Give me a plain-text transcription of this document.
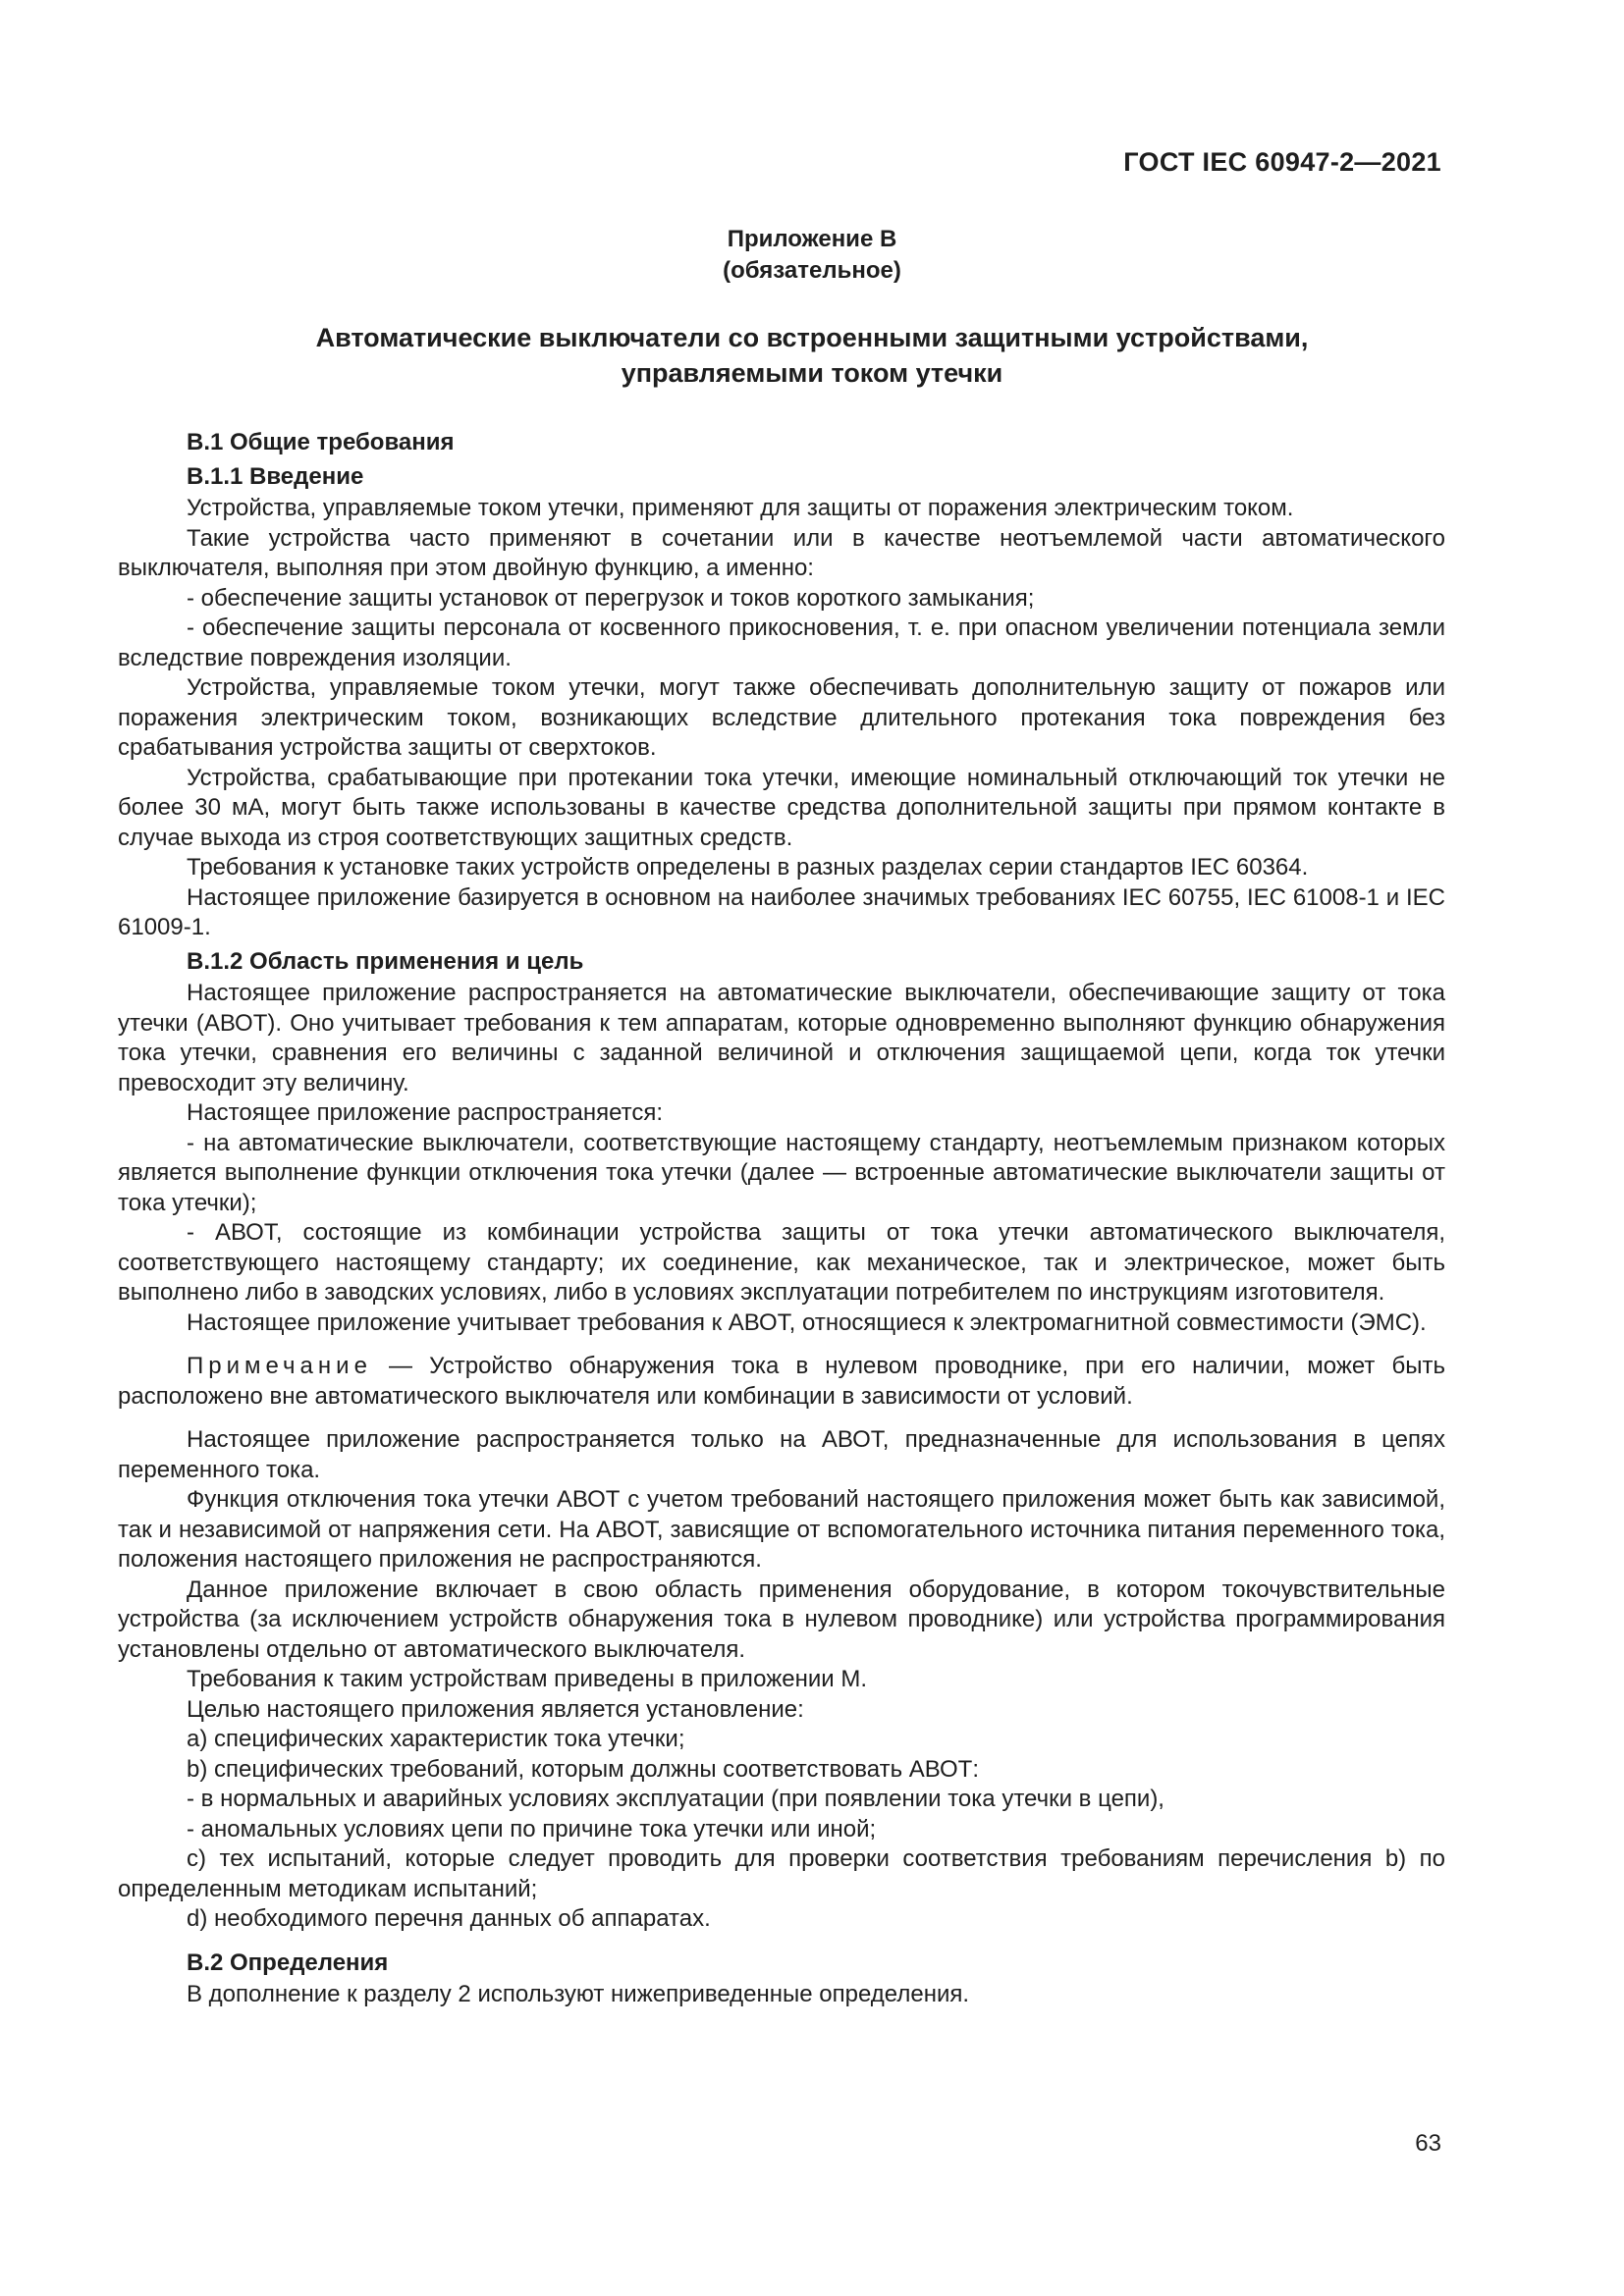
ГОСТ IEC 60947-2—2021
Приложение B
(обязательное)
Автоматические выключатели со встроенными защитными устройствами,
управляемыми током утечки
B.1 Общие требования
B.1.1 Введение

Устройства, управляемые током утечки, применяют для защиты от поражения электрическим током.

Такие устройства часто применяют в сочетании или в качестве неотъемлемой части автоматического выключателя, выполняя при этом двойную функцию, а именно:

- обеспечение защиты установок от перегрузок и токов короткого замыкания;

- обеспечение защиты персонала от косвенного прикосновения, т. е. при опасном увеличении потенциала земли вследствие повреждения изоляции.

Устройства, управляемые током утечки, могут также обеспечивать дополнительную защиту от пожаров или поражения электрическим током, возникающих вследствие длительного протекания тока повреждения без срабатывания устройства защиты от сверхтоков.

Устройства, срабатывающие при протекании тока утечки, имеющие номинальный отключающий ток утечки не более 30 мА, могут быть также использованы в качестве средства дополнительной защиты при прямом контакте в случае выхода из строя соответствующих защитных средств.

Требования к установке таких устройств определены в разных разделах серии стандартов IEC 60364.

Настоящее приложение базируется в основном на наиболее значимых требованиях IEC 60755, IEC 61008-1 и IEC 61009-1.

B.1.2 Область применения и цель

Настоящее приложение распространяется на автоматические выключатели, обеспечивающие защиту от тока утечки (АВОТ). Оно учитывает требования к тем аппаратам, которые одновременно выполняют функцию обнаружения тока утечки, сравнения его величины с заданной величиной и отключения защищаемой цепи, когда ток утечки превосходит эту величину.

Настоящее приложение распространяется:

- на автоматические выключатели, соответствующие настоящему стандарту, неотъемлемым признаком которых является выполнение функции отключения тока утечки (далее — встроенные автоматические выключатели защиты от тока утечки);

- АВОТ, состоящие из комбинации устройства защиты от тока утечки автоматического выключателя, соответствующего настоящему стандарту; их соединение, как механическое, так и электрическое, может быть выполнено либо в заводских условиях, либо в условиях эксплуатации потребителем по инструкциям изготовителя.

Настоящее приложение учитывает требования к АВОТ, относящиеся к электромагнитной совместимости (ЭМС).

Примечание — Устройство обнаружения тока в нулевом проводнике, при его наличии, может быть расположено вне автоматического выключателя или комбинации в зависимости от условий.

Настоящее приложение распространяется только на АВОТ, предназначенные для использования в цепях переменного тока.

Функция отключения тока утечки АВОТ с учетом требований настоящего приложения может быть как зависимой, так и независимой от напряжения сети. На АВОТ, зависящие от вспомогательного источника питания переменного тока, положения настоящего приложения не распространяются.

Данное приложение включает в свою область применения оборудование, в котором токочувствительные устройства (за исключением устройств обнаружения тока в нулевом проводнике) или устройства программирования установлены отдельно от автоматического выключателя.

Требования к таким устройствам приведены в приложении M.

Целью настоящего приложения является установление:

a) специфических характеристик тока утечки;

b) специфических требований, которым должны соответствовать АВОТ:

- в нормальных и аварийных условиях эксплуатации (при появлении тока утечки в цепи),

- аномальных условиях цепи по причине тока утечки или иной;

c) тех испытаний, которые следует проводить для проверки соответствия требованиям перечисления b) по определенным методикам испытаний;

d) необходимого перечня данных об аппаратах.

B.2 Определения

В дополнение к разделу 2 используют нижеприведенные определения.

63
